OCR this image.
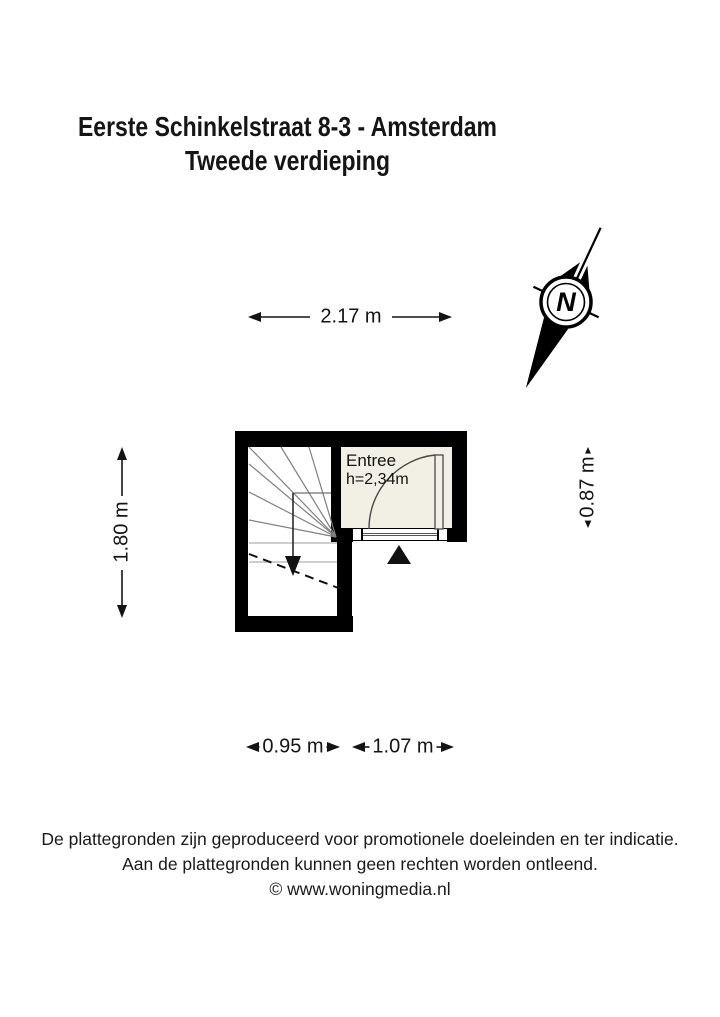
Eerste Schinkelstraat 8-3 - Amsterdam
Tweede verdieping
N
Entree
h=2,34m
2.17 m
1.80 m
0.87 m
0.95 m 1.07 m
De plattegronden zijn geproduceerd voor promotionele doeleinden en ter indicatie.
Aan de plattegronden kunnen geen rechten worden ontleend.
© www.woningmedia.nl
